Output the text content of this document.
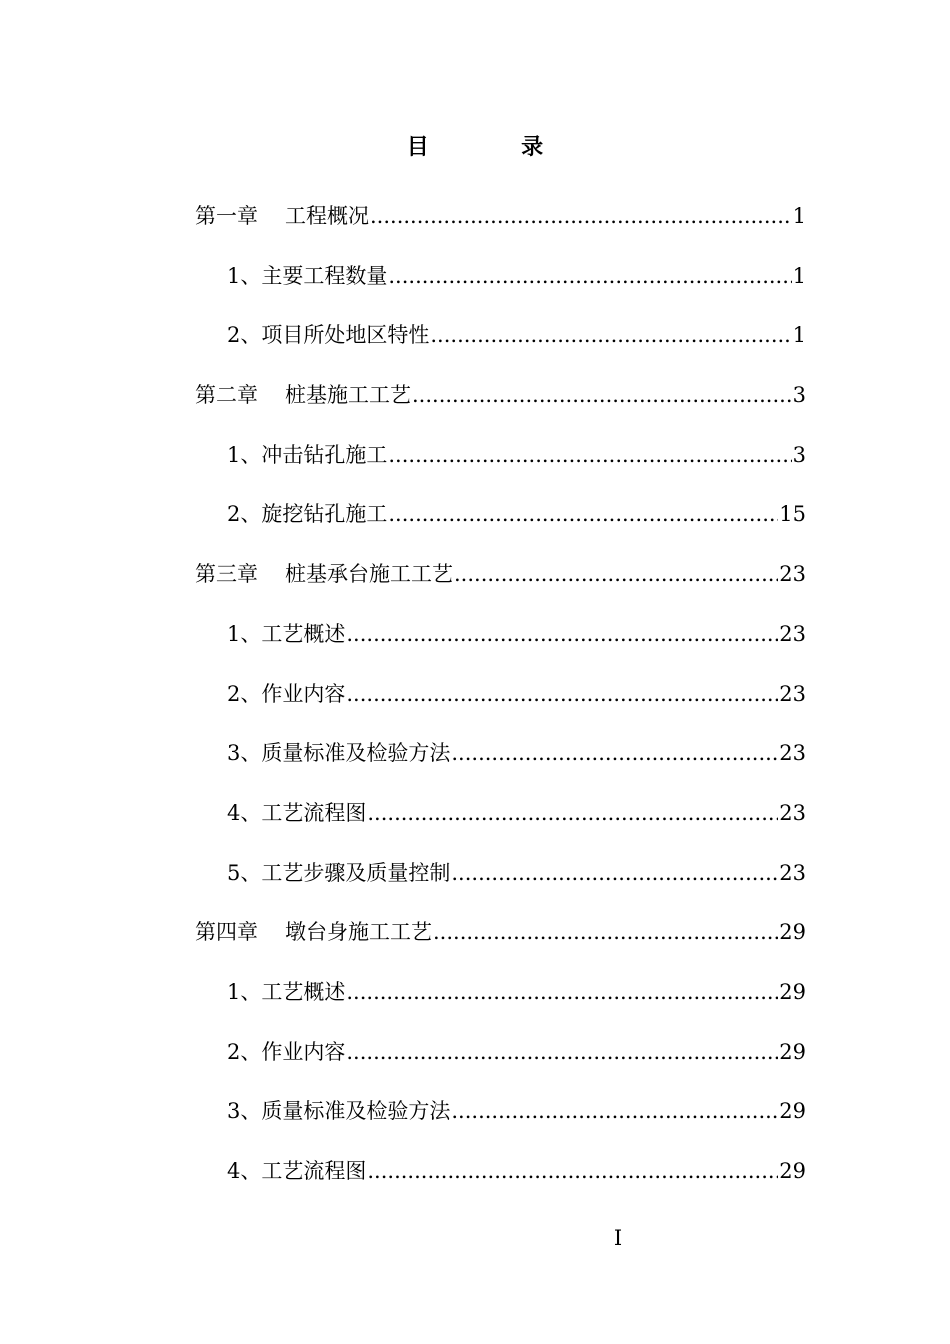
目　录
第一章 工程概况 .....	1
1、主要工程数量 .....	1
2、项目所处地区特性 .....	1
第二章 桩基施工工艺 .....	3
1、冲击钻孔施工 .....	3
2、旋挖钻孔施工 .....	15
第三章 桩基承台施工工艺 .....	23
1、工艺概述 .....	23
2、作业内容 .....	23
3、质量标准及检验方法 .....	23
4、工艺流程图 .....	23
5、工艺步骤及质量控制 .....	23
第四章 墩台身施工工艺 .....	29
1、工艺概述 .....	29
2、作业内容 .....	29
3、质量标准及检验方法 .....	29
4、工艺流程图 .....	29
I
